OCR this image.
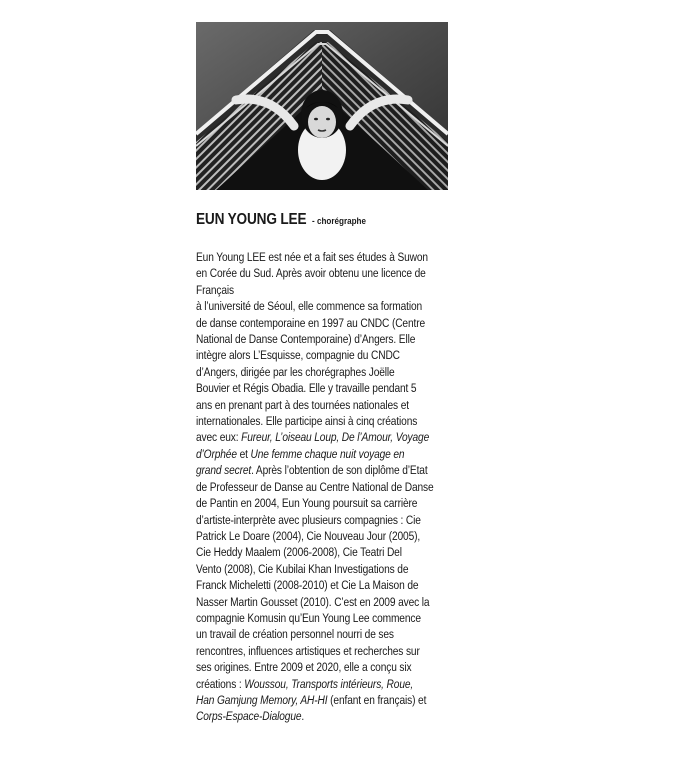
EUN YOUNG LEE - chorégraphe
Eun Young LEE est née et a fait ses études à Suwon
en Corée du Sud. Après avoir obtenu une licence de
Français
à l’université de Séoul, elle commence sa formation
de danse contemporaine en 1997 au CNDC (Centre
National de Danse Contemporaine) d’Angers. Elle
intègre alors L’Esquisse, compagnie du CNDC
d’Angers, dirigée par les chorégraphes Joëlle
Bouvier et Régis Obadia. Elle y travaille pendant 5
ans en prenant part à des tournées nationales et
internationales. Elle participe ainsi à cinq créations
avec eux: Fureur, L’oiseau Loup, De l’Amour, Voyage
d’Orphée et Une femme chaque nuit voyage en
grand secret. Après l’obtention de son diplôme d’Etat
de Professeur de Danse au Centre National de Danse
de Pantin en 2004, Eun Young poursuit sa carrière
d’artiste-interprète avec plusieurs compagnies : Cie
Patrick Le Doare (2004), Cie Nouveau Jour (2005),
Cie Heddy Maalem (2006-2008), Cie Teatri Del
Vento (2008), Cie Kubilai Khan Investigations de
Franck Micheletti (2008-2010) et Cie La Maison de
Nasser Martin Gousset (2010). C’est en 2009 avec la
compagnie Komusin qu’Eun Young Lee commence
un travail de création personnel nourri de ses
rencontres, influences artistiques et recherches sur
ses origines. Entre 2009 et 2020, elle a conçu six
créations : Woussou, Transports intérieurs, Roue,
Han Gamjung Memory, AH-HI (enfant en français) et
Corps-Espace-Dialogue.
